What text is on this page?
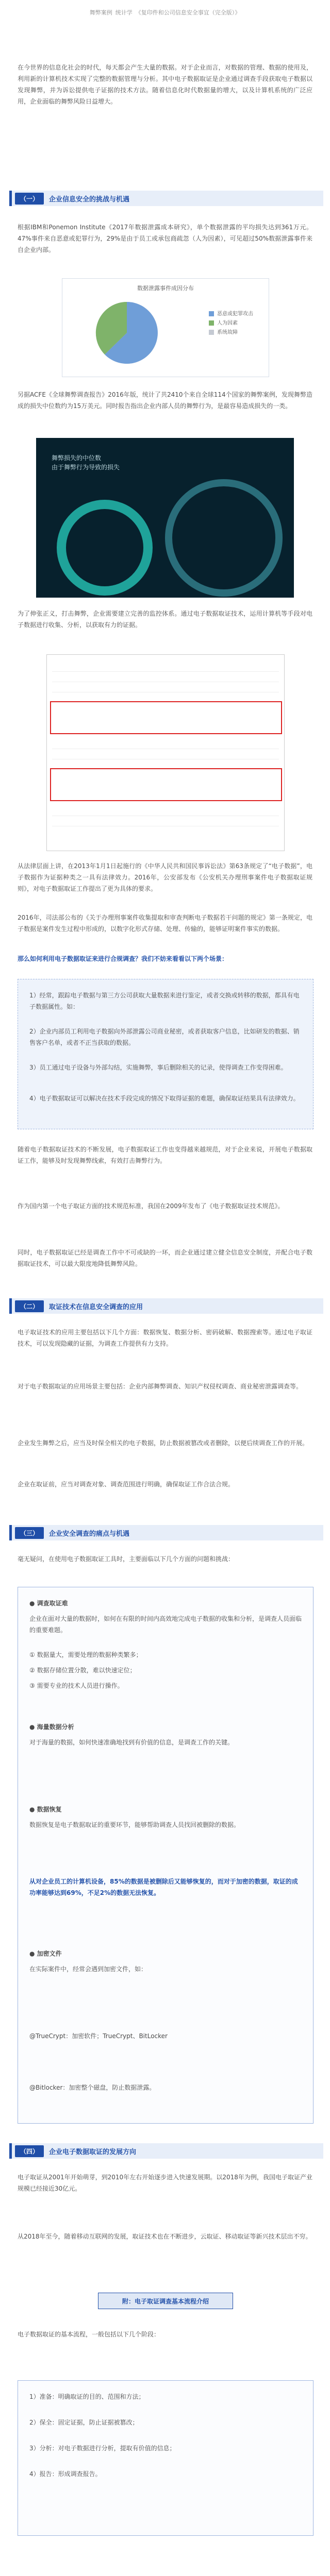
舞弊案例 统计学 《复印件和公司信息安全事宜（完全版）》
在今世界的信息化社会的时代，每天都会产生大量的数据。对于企业而言，对数据的管理、数据的使用及，利用新的计算机技术实现了完整的数据管理与分析。其中电子数据取证是企业通过调查手段获取电子数据以发现舞弊，并为诉讼提供电子证据的技术方法。随着信息化时代数据量的增大，以及计算机系统的广泛应用，企业面临的舞弊风险日益增大。
（一）	企业信息安全的挑战与机遇
根据IBM和Ponemon Institute《2017年数据泄露成本研究》，单个数据泄露的平均损失达到361万元。47%事件来自恶意或犯罪行为，29%是由于员工或承包商疏忽（人为因素），可见超过50%数据泄露事件来自企业内部。
数据泄露事件成因分布
恶意或犯罪攻击
人为因素
系统故障
另据ACFE《全球舞弊调查报告》2016年版，统计了共2410个来自全球114个国家的舞弊案例，发现舞弊造成的损失中位数约为15万美元。同时报告指出企业内部人员的舞弊行为，是最容易造成损失的一类。
舞弊损失的中位数
由于舞弊行为导致的损失
为了伸张正义，打击舞弊，企业需要建立完善的监控体系。通过电子数据取证技术，运用计算机等手段对电子数据进行收集、分析，以获取有力的证据。
从法律层面上讲，在2013年1月1日起施行的《中华人民共和国民事诉讼法》第63条规定了“电子数据”，电子数据作为证据种类之一具有法律效力。2016年，公安部发布《公安机关办理刑事案件电子数据取证规则》，对电子数据取证工作提出了更为具体的要求。
2016年，司法部公布的《关于办理刑事案件收集提取和审查判断电子数据若干问题的规定》第一条规定，电子数据是案件发生过程中形成的，以数字化形式存储、处理、传输的，能够证明案件事实的数据。
那么如何利用电子数据取证来进行合规调查？我们不妨来看看以下两个场景：
1）经常，跟踪电子数据与第三方公司获取大量数据来进行鉴定，或者交换或转移的数据，都具有电子数据属性。如：
2）企业内部员工利用电子数据向外部泄露公司商业秘密，或者获取客户信息，比如研发的数据、销售客户名单，或者不正当获取的数据。
3）员工通过电子设备与外部勾结，实施舞弊，事后删除相关的记录，使得调查工作变得困难。
4）电子数据取证可以解决在技术手段完成的情况下取得证据的难题，确保取证结果具有法律效力。
随着电子数据取证技术的不断发展，电子数据取证工作也变得越来越规范，对于企业来说，开展电子数据取证工作，能够及时发现舞弊线索，有效打击舞弊行为。
作为国内第一个电子取证方面的技术规范标准，我国在2009年发布了《电子数据取证技术规范》。
同时，电子数据取证已经是调查工作中不可或缺的一环，而企业通过建立健全信息安全制度，并配合电子数据取证技术，可以最大限度地降低舞弊风险。
（二）	取证技术在信息安全调查的应用
电子取证技术的应用主要包括以下几个方面：数据恢复、数据分析、密码破解、数据搜索等。通过电子取证技术，可以发现隐藏的证据，为调查工作提供有力支持。
对于电子数据取证的应用场景主要包括：企业内部舞弊调查、知识产权侵权调查、商业秘密泄露调查等。
企业发生舞弊之后，应当及时保全相关的电子数据，防止数据被篡改或者删除，以便后续调查工作的开展。
企业在取证前，应当对调查对象、调查范围进行明确，确保取证工作合法合规。
（三）	企业安全调查的痛点与机遇
毫无疑问，在使用电子数据取证工具时，主要面临以下几个方面的问题和挑战：
● 调查取证难
企业在面对大量的数据时，如何在有限的时间内高效地完成电子数据的收集和分析，是调查人员面临的重要难题。
① 数据量大，需要处理的数据种类繁多；
② 数据存储位置分散，难以快速定位；
③ 需要专业的技术人员进行操作。
● 海量数据分析
对于海量的数据，如何快速准确地找到有价值的信息，是调查工作的关键。
● 数据恢复
数据恢复是电子数据取证的重要环节，能够帮助调查人员找回被删除的数据。
从对企业员工的计算机设备，85%的数据是被删除后又能够恢复的，而对于加密的数据，取证的成功率能够达到69%，不足2%的数据无法恢复。
● 加密文件
在实际案件中，经常会遇到加密文件，如：
@TrueCrypt：加密软件；TrueCrypt、BitLocker
@Bitlocker：加密整个磁盘，防止数据泄露。
（四）	企业电子数据取证的发展方向
电子取证从2001年开始萌芽，到2010年左右开始逐步进入快速发展期。以2018年为例，我国电子取证产业规模已经接近30亿元。
从2018年至今，随着移动互联网的发展，取证技术也在不断进步，云取证、移动取证等新兴技术层出不穷。
附：电子取证调查基本流程介绍
电子数据取证的基本流程，一般包括以下几个阶段：
1）准备：明确取证的目的、范围和方法；
2）保全：固定证据，防止证据被篡改；
3）分析：对电子数据进行分析，提取有价值的信息；
4）报告：形成调查报告。
